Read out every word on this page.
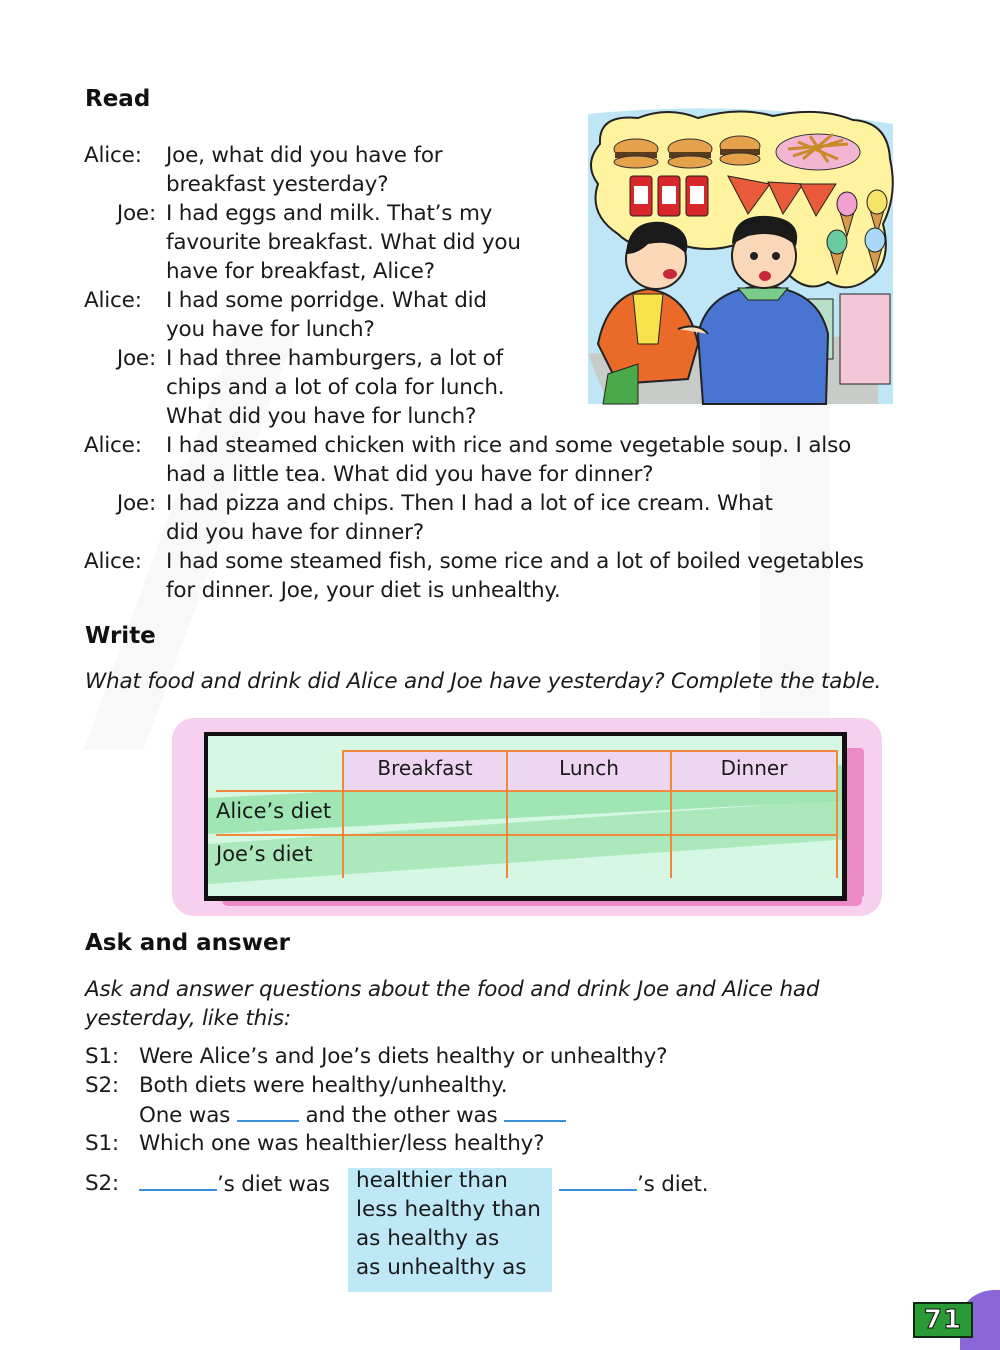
Read
Alice:	Joe, what did you have for
breakfast yesterday?
Joe: I had eggs and milk. That’s my
favourite breakfast. What did you
have for breakfast, Alice?
Alice:	I had some porridge. What did
you have for lunch?
Joe: I had three hamburgers, a lot of
chips and a lot of cola for lunch.
What did you have for lunch?
Alice:	I had steamed chicken with rice and some vegetable soup. I also
had a little tea. What did you have for dinner?
Joe: I had pizza and chips. Then I had a lot of ice cream. What
did you have for dinner?
Alice:	I had some steamed fish, some rice and a lot of boiled vegetables
for dinner. Joe, your diet is unhealthy.
Write
What food and drink did Alice and Joe have yesterday? Complete the table.
Breakfast	Lunch	Dinner
Alice’s diet
Joe’s diet
Ask and answer
Ask and answer questions about the food and drink Joe and Alice had
yesterday, like this:
S1: Were Alice’s and Joe’s diets healthy or unhealthy?
S2: Both diets were healthy/unhealthy.
One was	and the other was
S1: Which one was healthier/less healthy?
S2:	’s diet was healthier than
less healthy than
as healthy as
as unhealthy as
’s diet.
71
